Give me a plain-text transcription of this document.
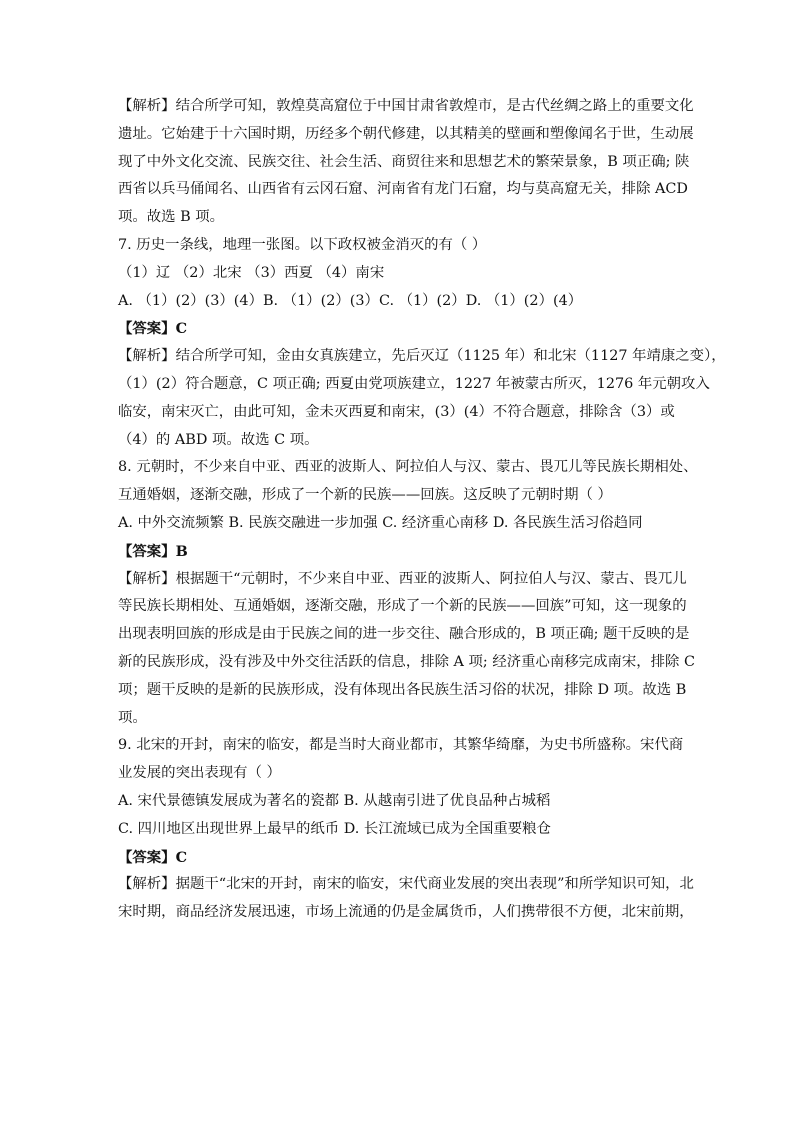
【解析】结合所学可知，敦煌莫高窟位于中国甘肃省敦煌市，是古代丝绸之路上的重要文化
遗址。它始建于十六国时期，历经多个朝代修建，以其精美的壁画和塑像闻名于世，生动展
现了中外文化交流、民族交往、社会生活、商贸往来和思想艺术的繁荣景象，B 项正确; 陕
西省以兵马俑闻名、山西省有云冈石窟、河南省有龙门石窟，均与莫高窟无关，排除 ACD
项。故选 B 项。
7. 历史一条线，地理一张图。以下政权被金消灭的有（ ）
（1）辽 （2）北宋 （3）西夏 （4）南宋
A. （1）(2）(3）(4）B. （1）(2）(3）C. （1）(2）D. （1）(2）(4）
【答案】C
【解析】结合所学可知，金由女真族建立，先后灭辽（1125 年）和北宋（1127 年靖康之变），
（1）(2）符合题意，C 项正确; 西夏由党项族建立，1227 年被蒙古所灭，1276 年元朝攻入
临安，南宋灭亡，由此可知，金未灭西夏和南宋，(3）(4）不符合题意，排除含（3）或
（4）的 ABD 项。故选 C 项。
8. 元朝时，不少来自中亚、西亚的波斯人、阿拉伯人与汉、蒙古、畏兀儿等民族长期相处、
互通婚姻，逐渐交融，形成了一个新的民族——回族。这反映了元朝时期（ ）
A. 中外交流频繁 B. 民族交融进一步加强 C. 经济重心南移 D. 各民族生活习俗趋同
【答案】B
【解析】根据题干“元朝时，不少来自中亚、西亚的波斯人、阿拉伯人与汉、蒙古、畏兀儿
等民族长期相处、互通婚姻，逐渐交融，形成了一个新的民族——回族”可知，这一现象的
出现表明回族的形成是由于民族之间的进一步交往、融合形成的，B 项正确; 题干反映的是
新的民族形成，没有涉及中外交往活跃的信息，排除 A 项; 经济重心南移完成南宋，排除 C
项；题干反映的是新的民族形成，没有体现出各民族生活习俗的状况，排除 D 项。故选 B
项。
9. 北宋的开封，南宋的临安，都是当时大商业都市，其繁华绮靡，为史书所盛称。宋代商
业发展的突出表现有（ ）
A. 宋代景德镇发展成为著名的瓷都 B. 从越南引进了优良品种占城稻
C. 四川地区出现世界上最早的纸币 D. 长江流域已成为全国重要粮仓
【答案】C
【解析】据题干“北宋的开封，南宋的临安，宋代商业发展的突出表现”和所学知识可知，北
宋时期，商品经济发展迅速，市场上流通的仍是金属货币，人们携带很不方便，北宋前期，
